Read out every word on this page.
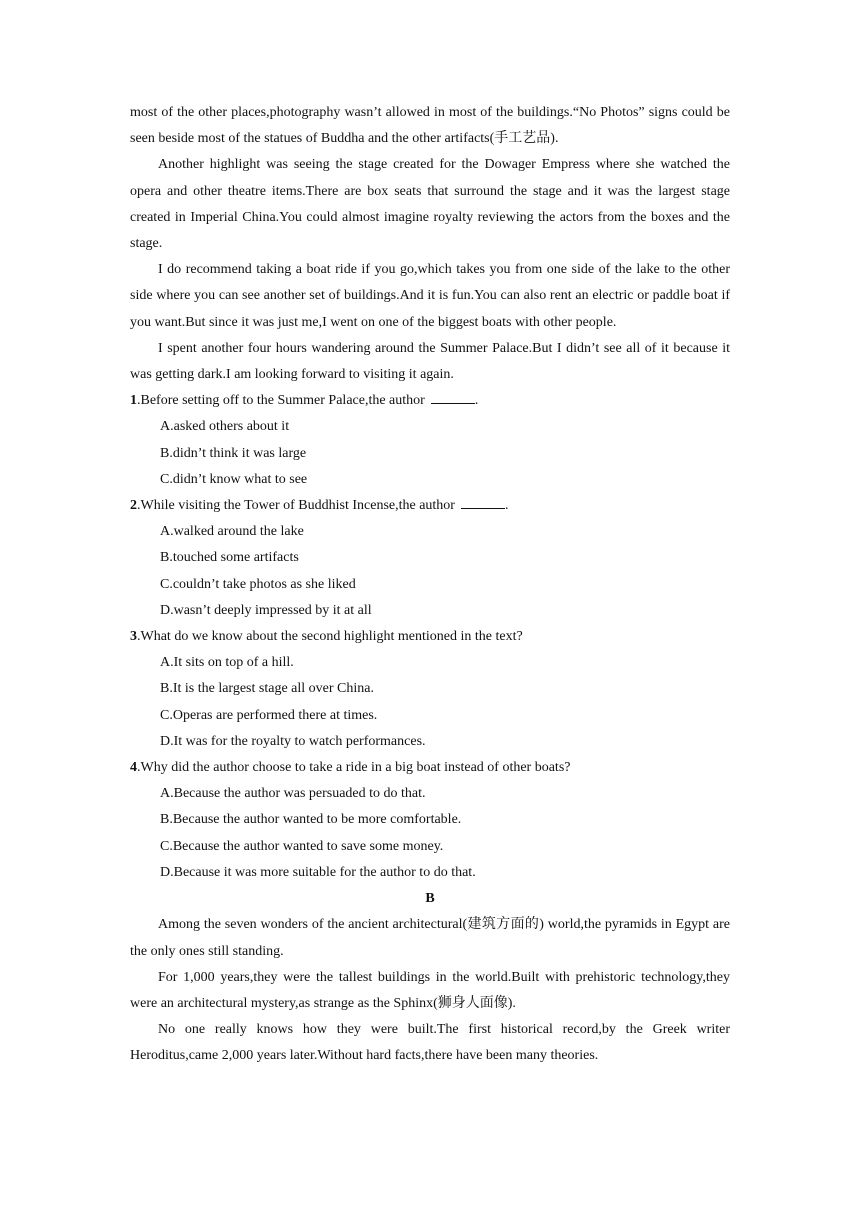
most of the other places,photography wasn’t allowed in most of the buildings.“No Photos” signs could be seen beside most of the statues of Buddha and the other artifacts(手工艺品).

Another highlight was seeing the stage created for the Dowager Empress where she watched the opera and other theatre items.There are box seats that surround the stage and it was the largest stage created in Imperial China.You could almost imagine royalty reviewing the actors from the boxes and the stage.

I do recommend taking a boat ride if you go,which takes you from one side of the lake to the other side where you can see another set of buildings.And it is fun.You can also rent an electric or paddle boat if you want.But since it was just me,I went on one of the biggest boats with other people.

I spent another four hours wandering around the Summer Palace.But I didn’t see all of it because it was getting dark.I am looking forward to visiting it again.

1.Before setting off to the Summer Palace,the author	.

A.asked others about it

B.didn’t think it was large

C.didn’t know what to see

2.While visiting the Tower of Buddhist Incense,the author	.

A.walked around the lake

B.touched some artifacts

C.couldn’t take photos as she liked

D.wasn’t deeply impressed by it at all

3.What do we know about the second highlight mentioned in the text?

A.It sits on top of a hill.

B.It is the largest stage all over China.

C.Operas are performed there at times.

D.It was for the royalty to watch performances.

4.Why did the author choose to take a ride in a big boat instead of other boats?

A.Because the author was persuaded to do that.

B.Because the author wanted to be more comfortable.

C.Because the author wanted to save some money.

D.Because it was more suitable for the author to do that.

B

Among the seven wonders of the ancient architectural(建筑方面的) world,the pyramids in Egypt are the only ones still standing.

For 1,000 years,they were the tallest buildings in the world.Built with prehistoric technology,they were an architectural mystery,as strange as the Sphinx(狮身人面像).

No one really knows how they were built.The first historical record,by the Greek writer Heroditus,came 2,000 years later.Without hard facts,there have been many theories.
